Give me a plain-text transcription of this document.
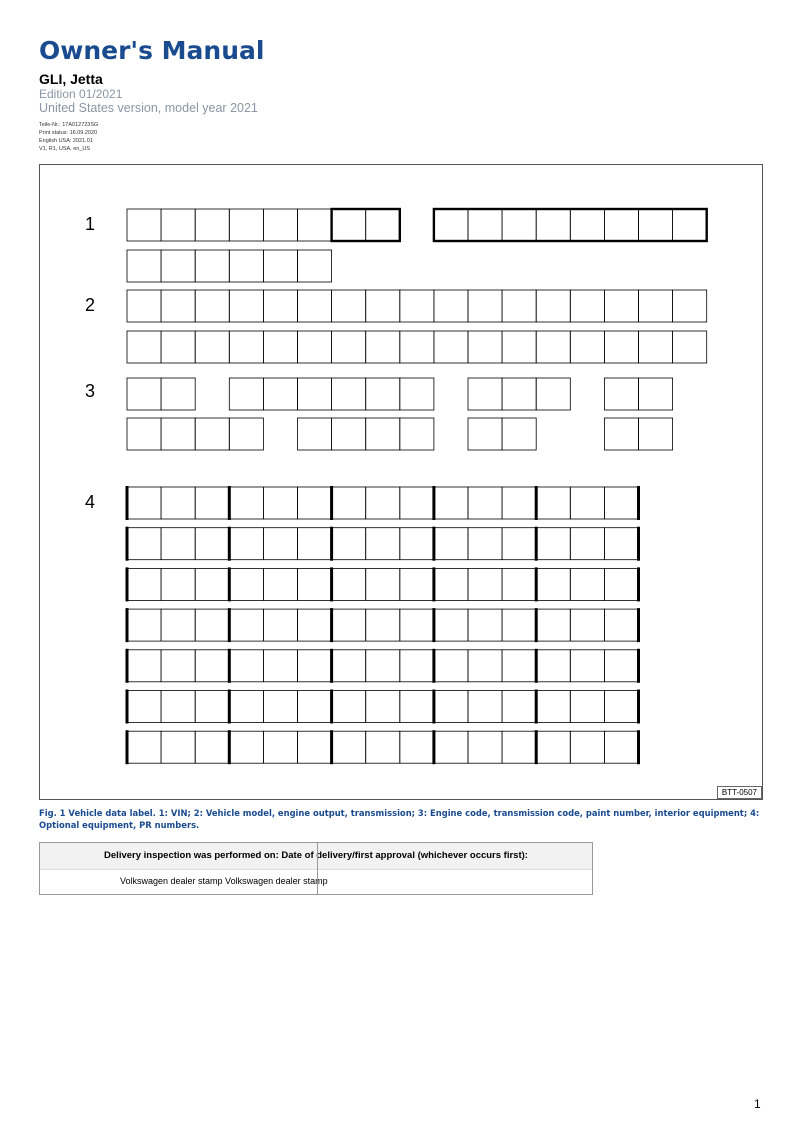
Owner's Manual
GLI, Jetta
Edition 01/2021
United States version, model year 2021
Teile-Nr.: 17A012723SG
Print status: 16.09.2020
English USA: 2021.01
V1, R1, USA, en_US
1
2
3
4
BTT-0507

Fig. 1 Vehicle data label. 1: VIN; 2: Vehicle model, engine output, transmission; 3: Engine code, transmission code, paint number, interior equipment; 4: Optional equipment, PR numbers.

Delivery inspection was performed on: Date of delivery/first approval (whichever occurs first):
Volkswagen dealer stamp Volkswagen dealer stamp
1
